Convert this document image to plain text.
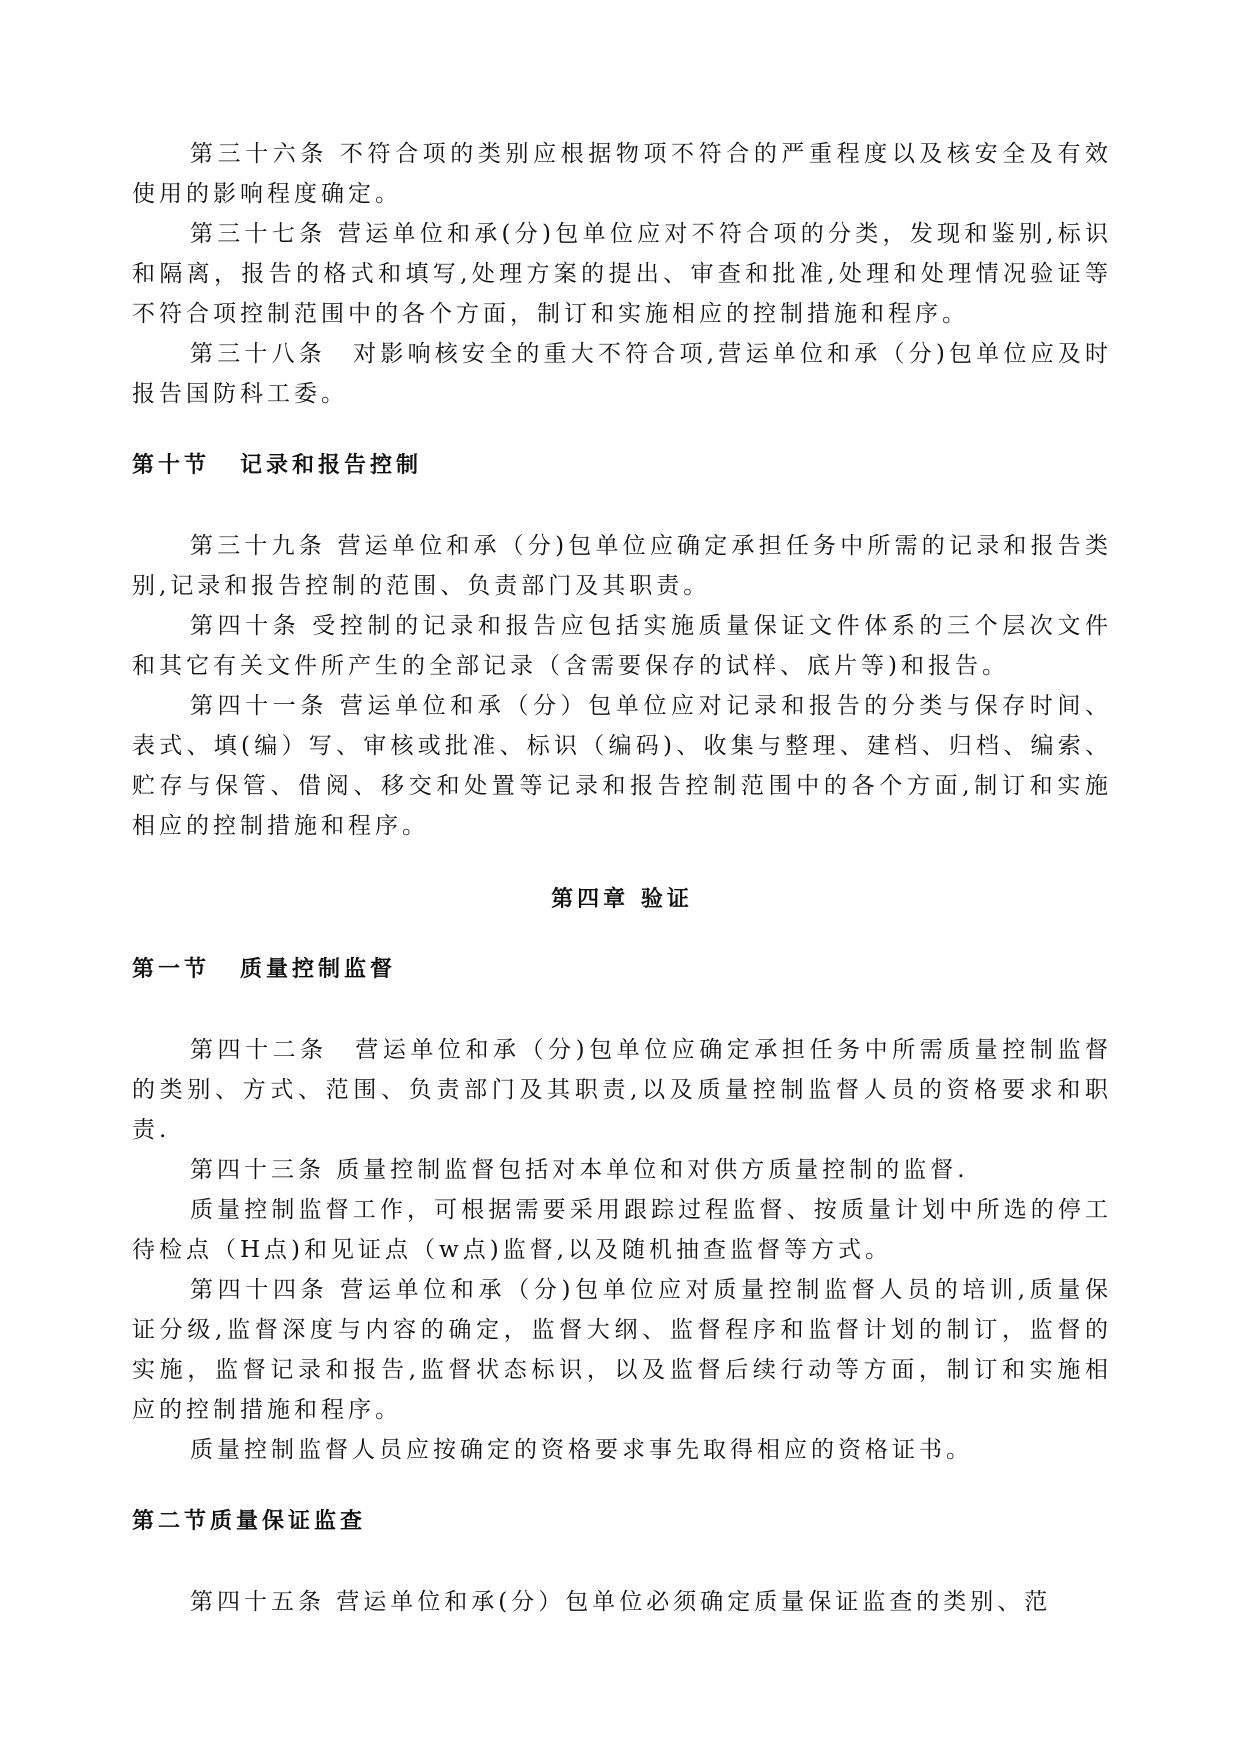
第三十六条 不符合项的类别应根据物项不符合的严重程度以及核安全及有效使用的影响程度确定。

第三十七条 营运单位和承(分)包单位应对不符合项的分类，发现和鉴别,标识和隔离，报告的格式和填写,处理方案的提出、审查和批准,处理和处理情况验证等不符合项控制范围中的各个方面，制订和实施相应的控制措施和程序。

第三十八条　对影响核安全的重大不符合项,营运单位和承（分)包单位应及时报告国防科工委。

第十节 记录和报告控制

第三十九条 营运单位和承（分)包单位应确定承担任务中所需的记录和报告类别,记录和报告控制的范围、负责部门及其职责。

第四十条 受控制的记录和报告应包括实施质量保证文件体系的三个层次文件和其它有关文件所产生的全部记录（含需要保存的试样、底片等)和报告。

第四十一条 营运单位和承（分）包单位应对记录和报告的分类与保存时间、表式、填(编）写、审核或批准、标识（编码)、收集与整理、建档、归档、编索、贮存与保管、借阅、移交和处置等记录和报告控制范围中的各个方面,制订和实施相应的控制措施和程序。

第四章 验证

第一节 质量控制监督

第四十二条　营运单位和承（分)包单位应确定承担任务中所需质量控制监督的类别、方式、范围、负责部门及其职责,以及质量控制监督人员的资格要求和职责.

第四十三条 质量控制监督包括对本单位和对供方质量控制的监督.

质量控制监督工作，可根据需要采用跟踪过程监督、按质量计划中所选的停工待检点（H点)和见证点（w点)监督,以及随机抽查监督等方式。

第四十四条 营运单位和承（分)包单位应对质量控制监督人员的培训,质量保证分级,监督深度与内容的确定，监督大纲、监督程序和监督计划的制订，监督的实施，监督记录和报告,监督状态标识，以及监督后续行动等方面，制订和实施相应的控制措施和程序。

质量控制监督人员应按确定的资格要求事先取得相应的资格证书。

第二节质量保证监查

第四十五条 营运单位和承(分）包单位必须确定质量保证监查的类别、范
